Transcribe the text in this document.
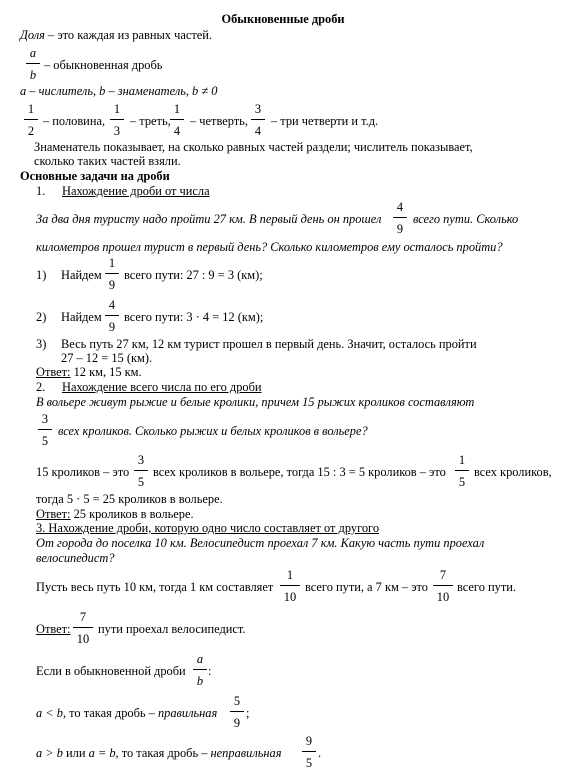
Обыкновенные дроби
Доля – это каждая из равных частей.
a
b
– обыкновенная дробь
a – числитель, b – знаменатель, b ≠ 0
1
2
– половина,
1
3
– треть,
1
4
– четверть,
3
4
– три четверти и т.д.
Знаменатель показывает, на сколько равных частей раздели; числитель показывает,
сколько таких частей взяли.
Основные задачи на дроби
1. Нахождение дроби от числа
За два дня туристу надо пройти 27 км. В первый день он прошел
4
9
всего пути. Сколько
километров прошел турист в первый день? Сколько километров ему осталось пройти?
1) Найдем
1
9
всего пути: 27 : 9 = 3 (км);
2) Найдем
4
9
всего пути: 3 · 4 = 12 (км);
3) Весь путь 27 км, 12 км турист прошел в первый день. Значит, осталось пройти
27 – 12 = 15 (км).
Ответ: 12 км, 15 км.
2. Нахождение всего числа по его дроби
В вольере живут рыжие и белые кролики, причем 15 рыжих кроликов составляют
3
5
всех кроликов. Сколько рыжих и белых кроликов в вольере?
15 кроликов – это
3
5
всех кроликов в вольере, тогда 15 : 3 = 5 кроликов – это
1
5
всех кроликов,
тогда 5 · 5 = 25 кроликов в вольере.
Ответ: 25 кроликов в вольере.
3. Нахождение дроби, которую одно число составляет от другого
От города до поселка 10 км. Велосипедист проехал 7 км. Какую часть пути проехал
велосипедист?
Пусть весь путь 10 км, тогда 1 км составляет
1
10
всего пути, а 7 км – это
7
10
всего пути.
Ответ:
7
10
пути проехал велосипедист.
Если в обыкновенной дроби
a
b
:
a < b, то такая дробь – правильная
5
9
;
a > b или a = b, то такая дробь – неправильная
9
5
.
